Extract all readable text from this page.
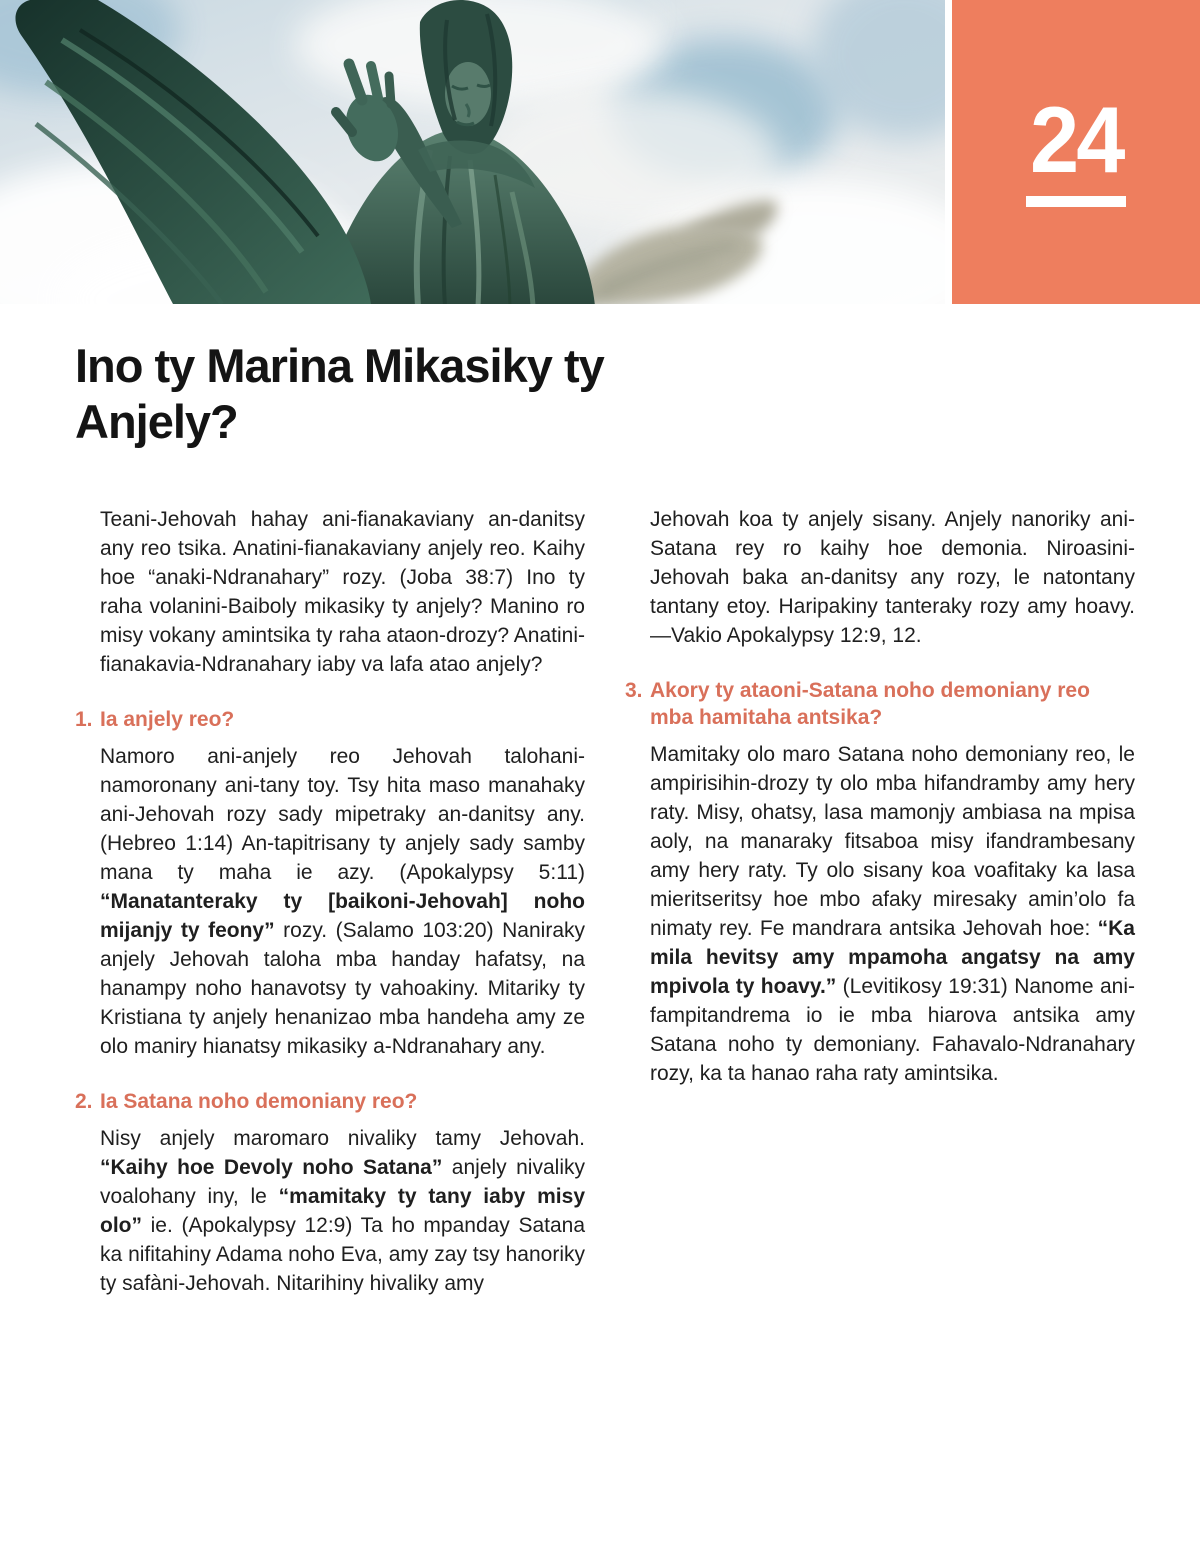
24
Ino ty Marina Mikasiky ty Anjely?

Teani-Jehovah hahay ani-fianakaviany an-danitsy any reo tsika. Anatini-fianakaviany anjely reo. Kaihy hoe “anaki-Ndranahary” rozy. (Joba 38:7) Ino ty raha volanini-Baiboly mikasiky ty anjely? Manino ro misy vokany amintsika ty raha ataon-drozy? Anatini-fianakavia-Ndranahary iaby va lafa atao anjely?

1. Ia anjely reo?

Namoro ani-anjely reo Jehovah talohani-namoronany ani-tany toy. Tsy hita maso manahaky ani-Jehovah rozy sady mipetraky an-danitsy any. (Hebreo 1:14) An-tapitrisany ty anjely sady samby mana ty maha ie azy. (Apokalypsy 5:11) “Manatanteraky ty [baikoni-Jehovah] noho mijanjy ty feony” rozy. (Salamo 103:20) Naniraky anjely Jehovah taloha mba handay hafatsy, na hanampy noho hanavotsy ty vahoakiny. Mitariky ty Kristiana ty anjely henanizao mba handeha amy ze olo maniry hianatsy mikasiky a-Ndranahary any.

2. Ia Satana noho demoniany reo?

Nisy anjely maromaro nivaliky tamy Jehovah. “Kaihy hoe Devoly noho Satana” anjely nivaliky voalohany iny, le “mamitaky ty tany iaby misy olo” ie. (Apokalypsy 12:9) Ta ho mpanday Satana ka nifitahiny Adama noho Eva, amy zay tsy hanoriky ty safàni-Jehovah. Nitarihiny hivaliky amy

Jehovah koa ty anjely sisany. Anjely nanoriky ani-Satana rey ro kaihy hoe demonia. Niroasini-Jehovah baka an-danitsy any rozy, le natontany tantany etoy. Haripakiny tanteraky rozy amy hoavy. —Vakio Apokalypsy 12:9, 12.

3. Akory ty ataoni-Satana noho demoniany reo mba hamitaha antsika?

Mamitaky olo maro Satana noho demoniany reo, le ampirisihin-drozy ty olo mba hifandramby amy hery raty. Misy, ohatsy, lasa mamonjy ambiasa na mpisa aoly, na manaraky fitsaboa misy ifandrambesany amy hery raty. Ty olo sisany koa voafitaky ka lasa mieritseritsy hoe mbo afaky miresaky amin’olo fa nimaty rey. Fe mandrara antsika Jehovah hoe: “Ka mila hevitsy amy mpamoha angatsy na amy mpivola ty hoavy.” (Levitikosy 19:31) Nanome ani-fampitandrema io ie mba hiarova antsika amy Satana noho ty demoniany. Fahavalo-Ndranahary rozy, ka ta hanao raha raty amintsika.
